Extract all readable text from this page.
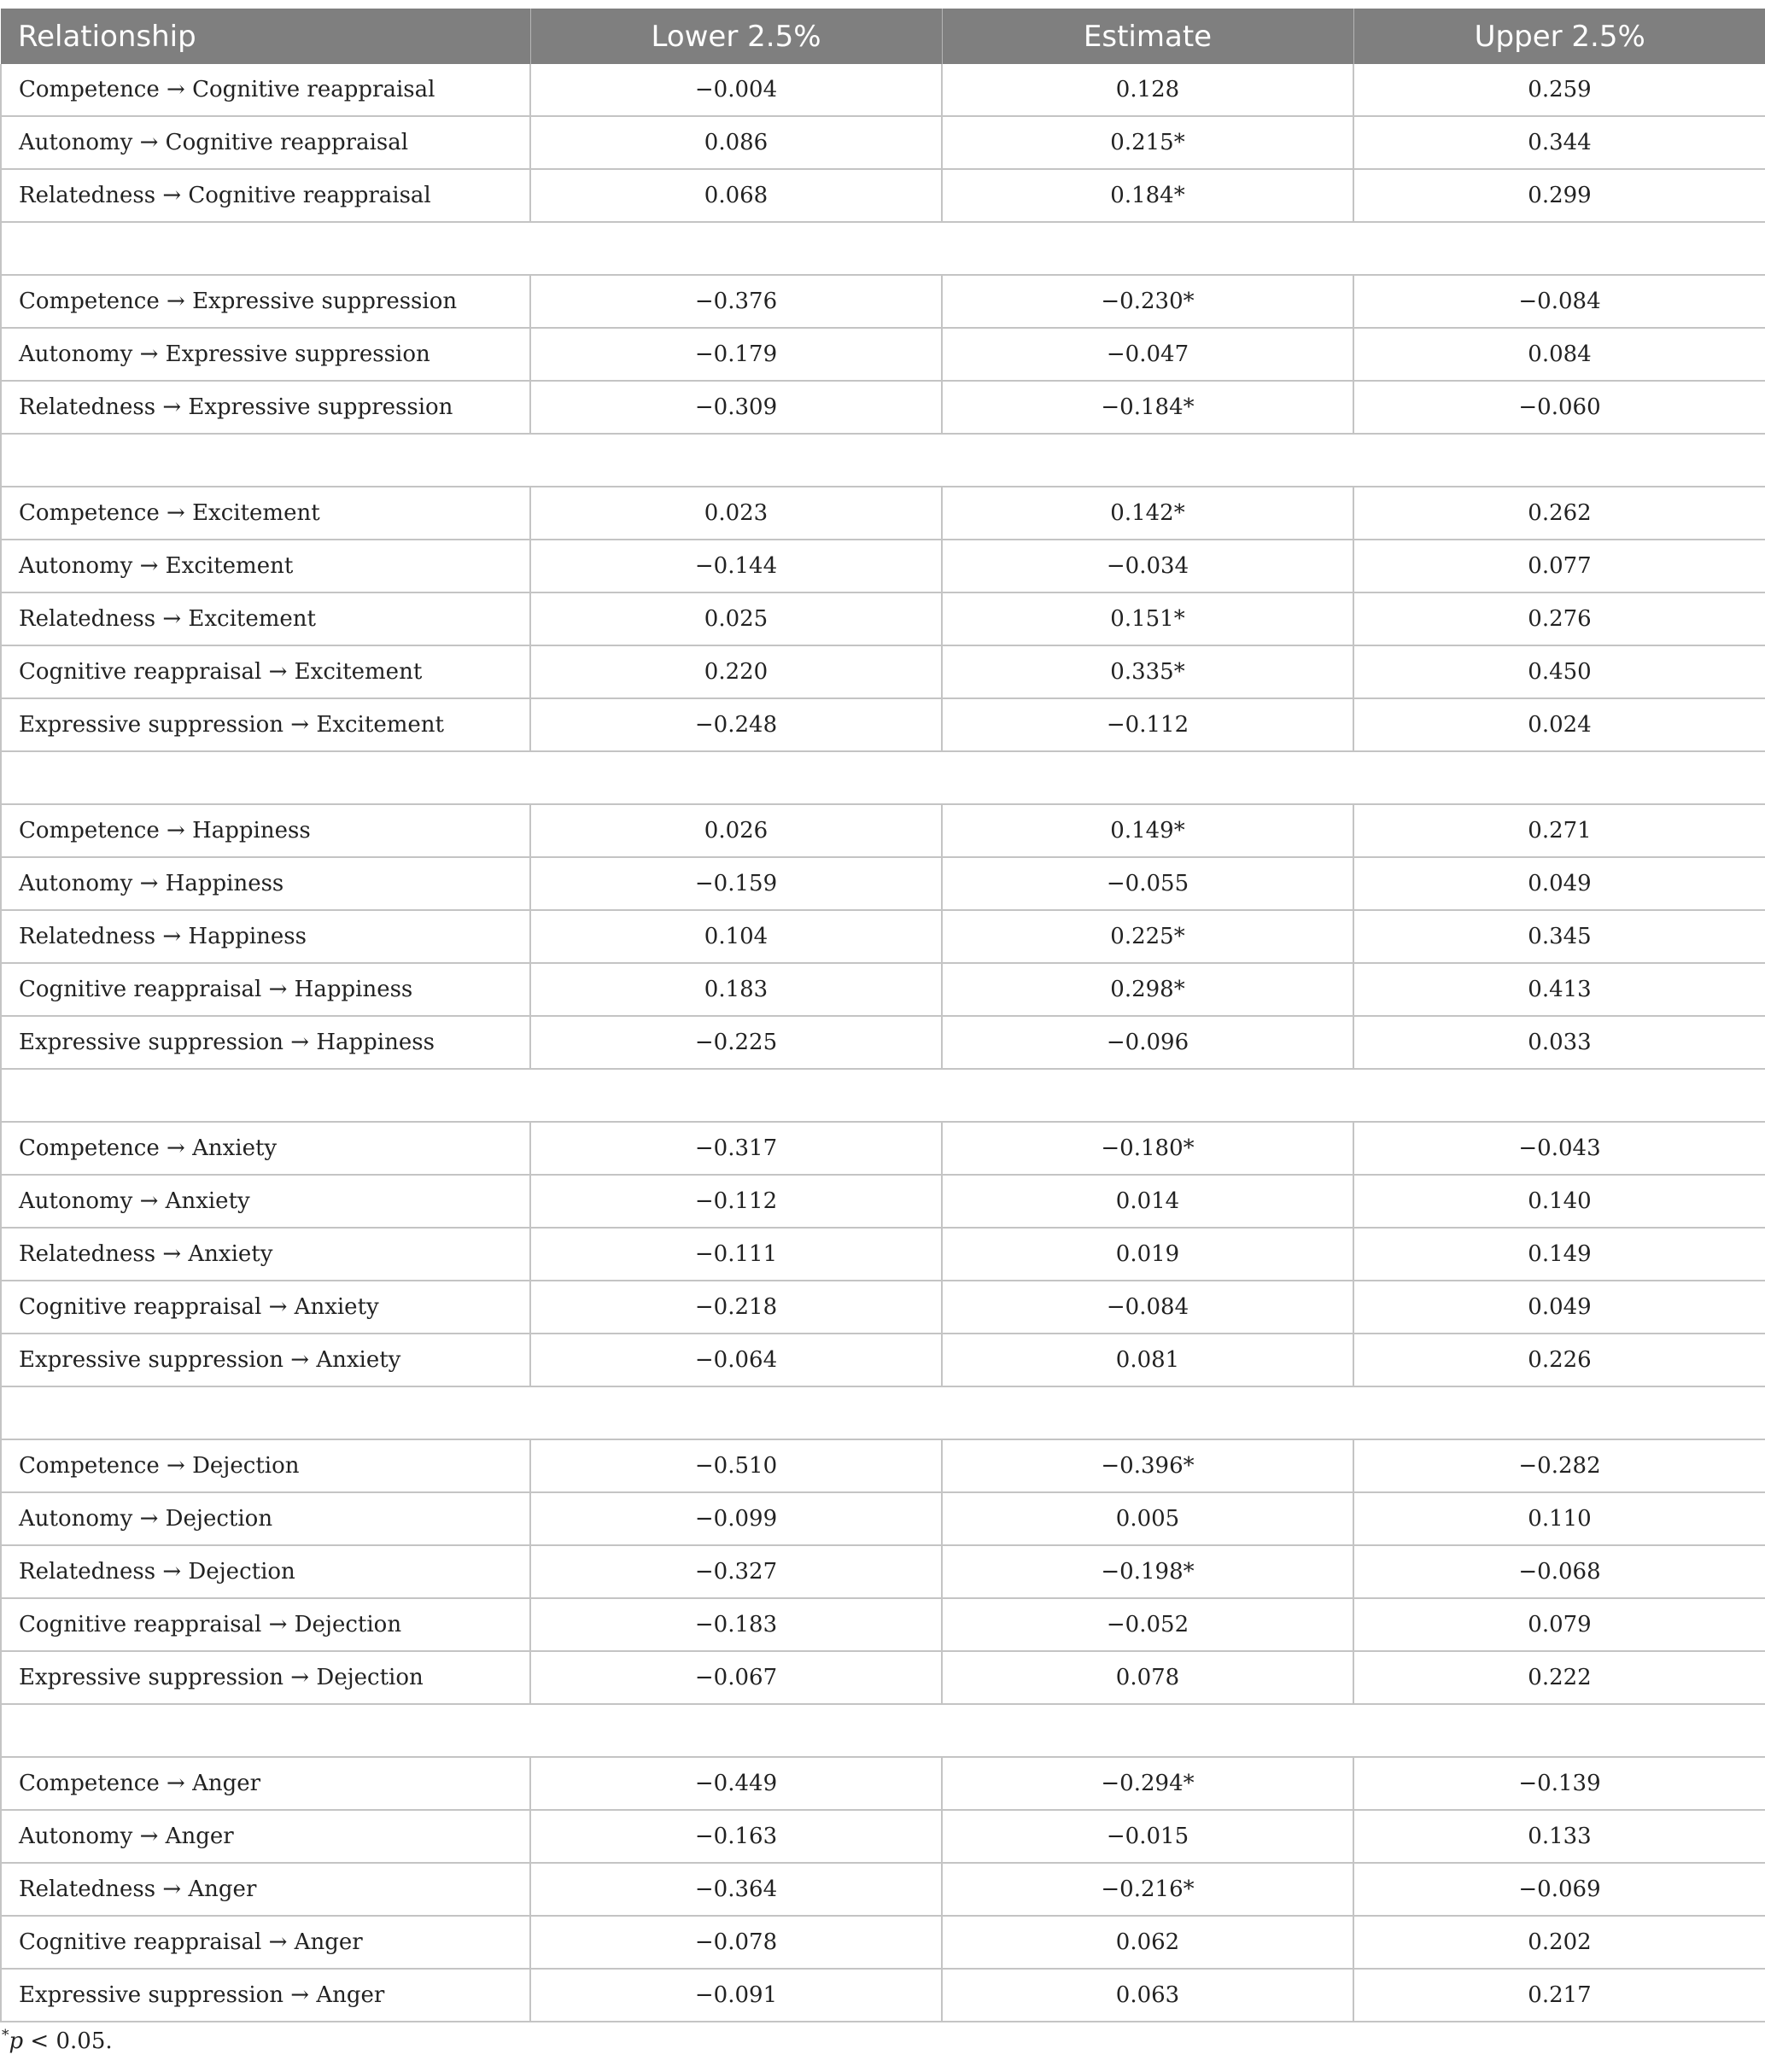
Relationship	Lower 2.5%	Estimate	Upper 2.5%
Competence → Cognitive reappraisal	−0.004	0.128	0.259
Autonomy → Cognitive reappraisal	0.086	0.215*	0.344
Relatedness → Cognitive reappraisal	0.068	0.184*	0.299

Competence → Expressive suppression	−0.376	−0.230*	−0.084
Autonomy → Expressive suppression	−0.179	−0.047	0.084
Relatedness → Expressive suppression	−0.309	−0.184*	−0.060

Competence → Excitement	0.023	0.142*	0.262
Autonomy → Excitement	−0.144	−0.034	0.077
Relatedness → Excitement	0.025	0.151*	0.276
Cognitive reappraisal → Excitement	0.220	0.335*	0.450
Expressive suppression → Excitement	−0.248	−0.112	0.024

Competence → Happiness	0.026	0.149*	0.271
Autonomy → Happiness	−0.159	−0.055	0.049
Relatedness → Happiness	0.104	0.225*	0.345
Cognitive reappraisal → Happiness	0.183	0.298*	0.413
Expressive suppression → Happiness	−0.225	−0.096	0.033

Competence → Anxiety	−0.317	−0.180*	−0.043
Autonomy → Anxiety	−0.112	0.014	0.140
Relatedness → Anxiety	−0.111	0.019	0.149
Cognitive reappraisal → Anxiety	−0.218	−0.084	0.049
Expressive suppression → Anxiety	−0.064	0.081	0.226

Competence → Dejection	−0.510	−0.396*	−0.282
Autonomy → Dejection	−0.099	0.005	0.110
Relatedness → Dejection	−0.327	−0.198*	−0.068
Cognitive reappraisal → Dejection	−0.183	−0.052	0.079
Expressive suppression → Dejection	−0.067	0.078	0.222

Competence → Anger	−0.449	−0.294*	−0.139
Autonomy → Anger	−0.163	−0.015	0.133
Relatedness → Anger	−0.364	−0.216*	−0.069
Cognitive reappraisal → Anger	−0.078	0.062	0.202
Expressive suppression → Anger	−0.091	0.063	0.217
*p < 0.05.
